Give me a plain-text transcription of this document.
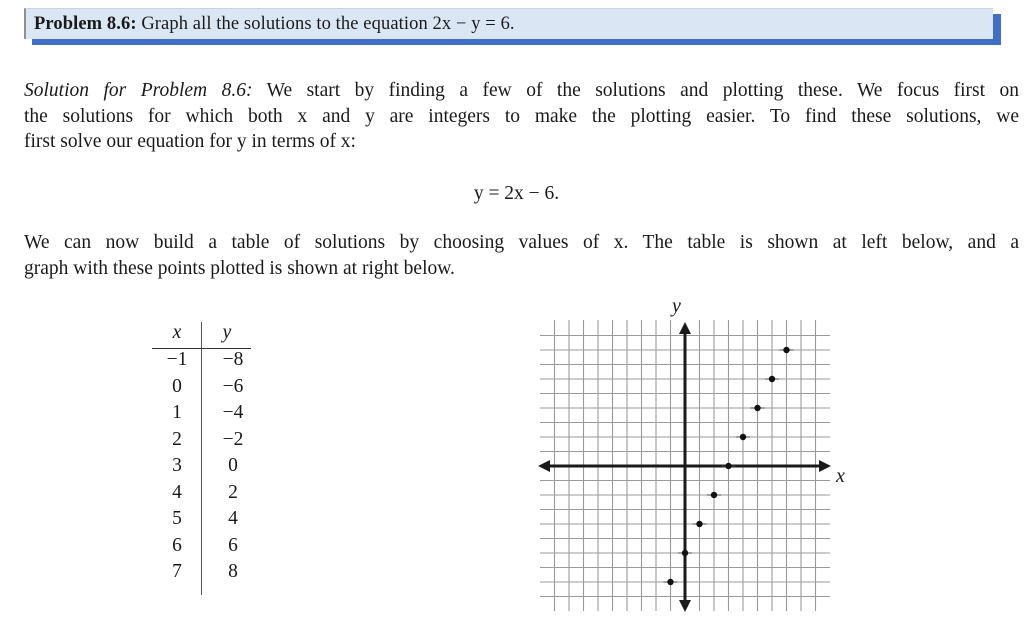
Problem 8.6: Graph all the solutions to the equation 2x − y = 6.
Solution for Problem 8.6: We start by finding a few of the solutions and plotting these. We focus first on
the solutions for which both x and y are integers to make the plotting easier. To find these solutions, we
first solve our equation for y in terms of x:
y = 2x − 6.
We can now build a table of solutions by choosing values of x. The table is shown at left below, and a
graph with these points plotted is shown at right below.
x	y
−1	−8
0	−6
1	−4
2	−2
3	0
4	2
5	4
6	6
7	8
x
y
